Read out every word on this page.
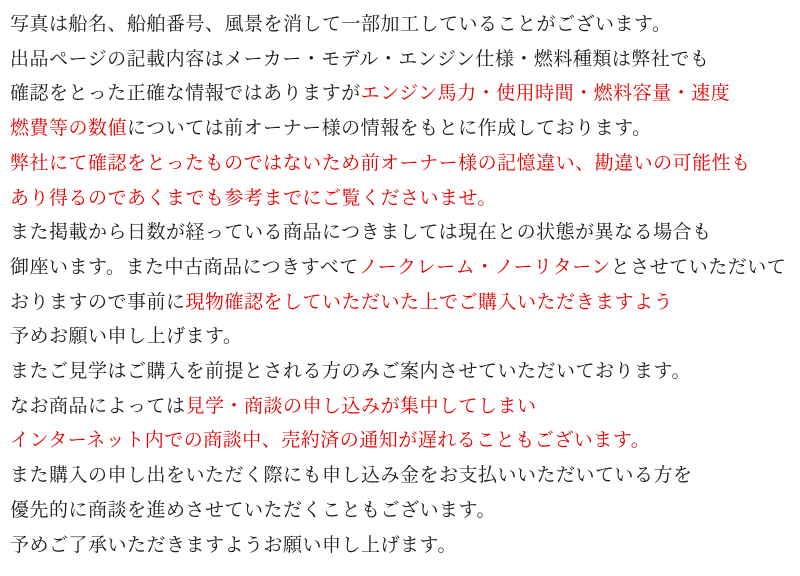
写真は船名、船舶番号、風景を消して一部加工していることがございます。
出品ページの記載内容はメーカー・モデル・エンジン仕様・燃料種類は弊社でも
確認をとった正確な情報ではありますがエンジン馬力・使用時間・燃料容量・速度
燃費等の数値については前オーナー様の情報をもとに作成しております。
弊社にて確認をとったものではないため前オーナー様の記憶違い、勘違いの可能性も
あり得るのであくまでも参考までにご覧くださいませ。
また掲載から日数が経っている商品につきましては現在との状態が異なる場合も
御座います。また中古商品につきすべてノークレーム・ノーリターンとさせていただいて
おりますので事前に現物確認をしていただいた上でご購入いただきますよう
予めお願い申し上げます。
またご見学はご購入を前提とされる方のみご案内させていただいております。
なお商品によっては見学・商談の申し込みが集中してしまい
インターネット内での商談中、売約済の通知が遅れることもございます。
また購入の申し出をいただく際にも申し込み金をお支払いいただいている方を
優先的に商談を進めさせていただくこともございます。
予めご了承いただきますようお願い申し上げます。
